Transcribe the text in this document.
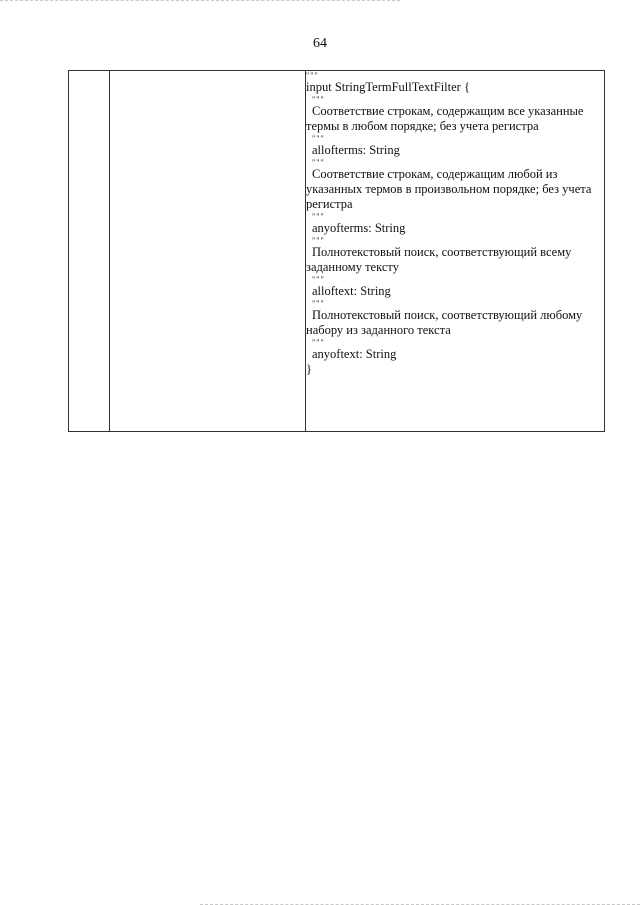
64

"""
input StringTermFullTextFilter {
"""
Соответствие строкам, содержащим все указанные
термы в любом порядке; без учета регистра
"""
allofterms: String
"""
Соответствие строкам, содержащим любой из
указанных термов в произвольном порядке; без учета
регистра
"""
anyofterms: String
"""
Полнотекстовый поиск, соответствующий всему
заданному тексту
"""
alloftext: String
"""
Полнотекстовый поиск, соответствующий любому
набору из заданного текста
"""
anyoftext: String
}
